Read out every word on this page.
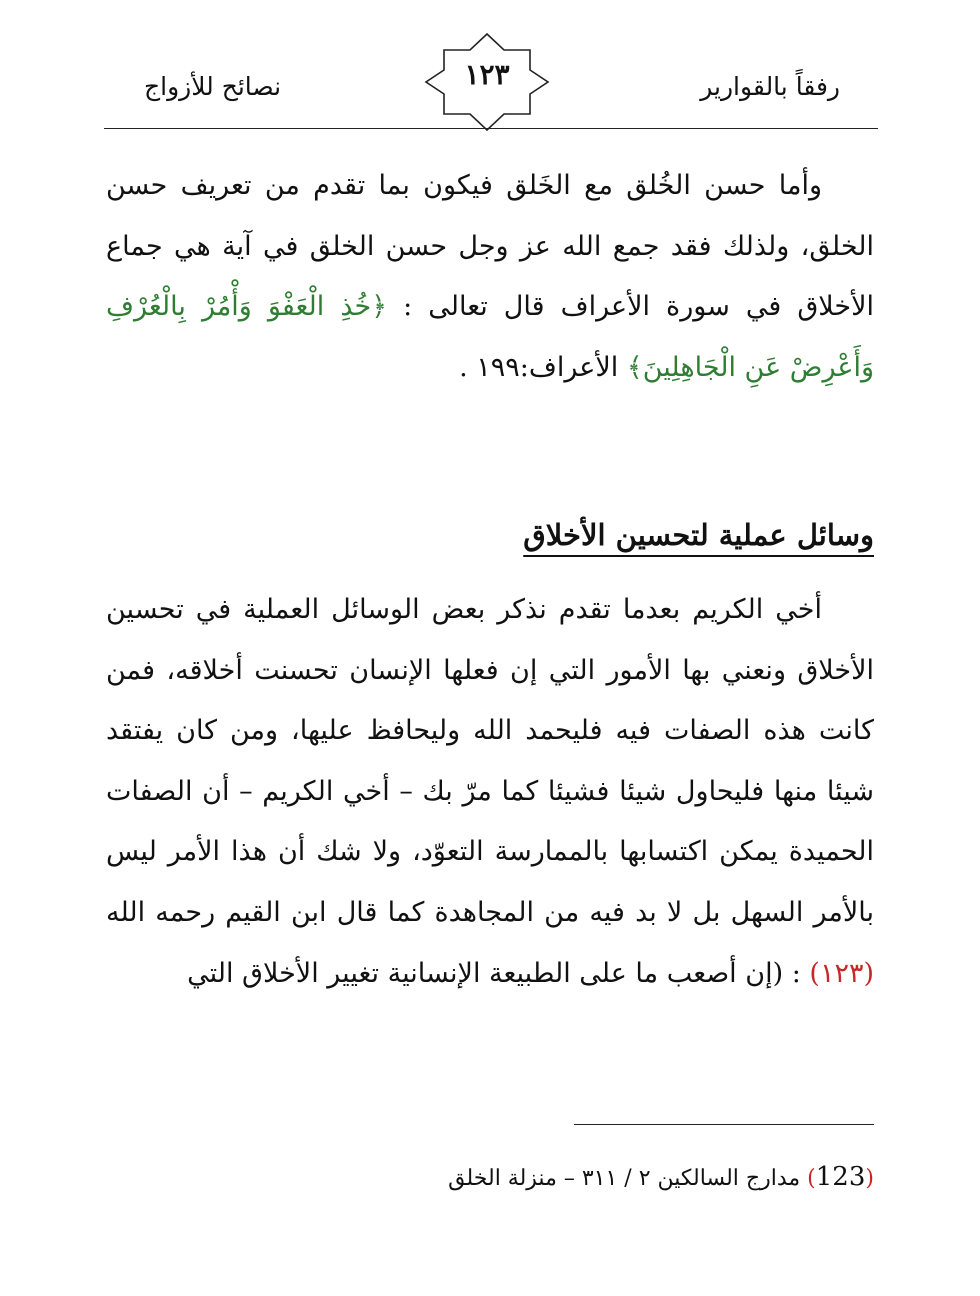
رفقاً بالقوارير
١٢٣
نصائح للأزواج
وأما حسن الخُلق مع الخَلق فيكون بما تقدم من تعريف حسن الخلق، ولذلك فقد جمع الله عز وجل حسن الخلق في آية هي جماع الأخلاق في سورة الأعراف قال تعالى : ﴿خُذِ الْعَفْوَ وَأْمُرْ بِالْعُرْفِ وَأَعْرِضْ عَنِ الْجَاهِلِينَ﴾ الأعراف:١٩٩ .
وسائل عملية لتحسين الأخلاق
أخي الكريم بعدما تقدم نذكر بعض الوسائل العملية في تحسين الأخلاق ونعني بها الأمور التي إن فعلها الإنسان تحسنت أخلاقه، فمن كانت هذه الصفات فيه فليحمد الله وليحافظ عليها، ومن كان يفتقد شيئا منها فليحاول شيئا فشيئا كما مرّ بك – أخي الكريم – أن الصفات الحميدة يمكن اكتسابها بالممارسة التعوّد، ولا شك أن هذا الأمر ليس بالأمر السهل بل لا بد فيه من المجاهدة كما قال ابن القيم رحمه الله (١٢٣) : (إن أصعب ما على الطبيعة الإنسانية تغيير الأخلاق التي
(123) مدارج السالكين ٢ / ٣١١ – منزلة الخلق
